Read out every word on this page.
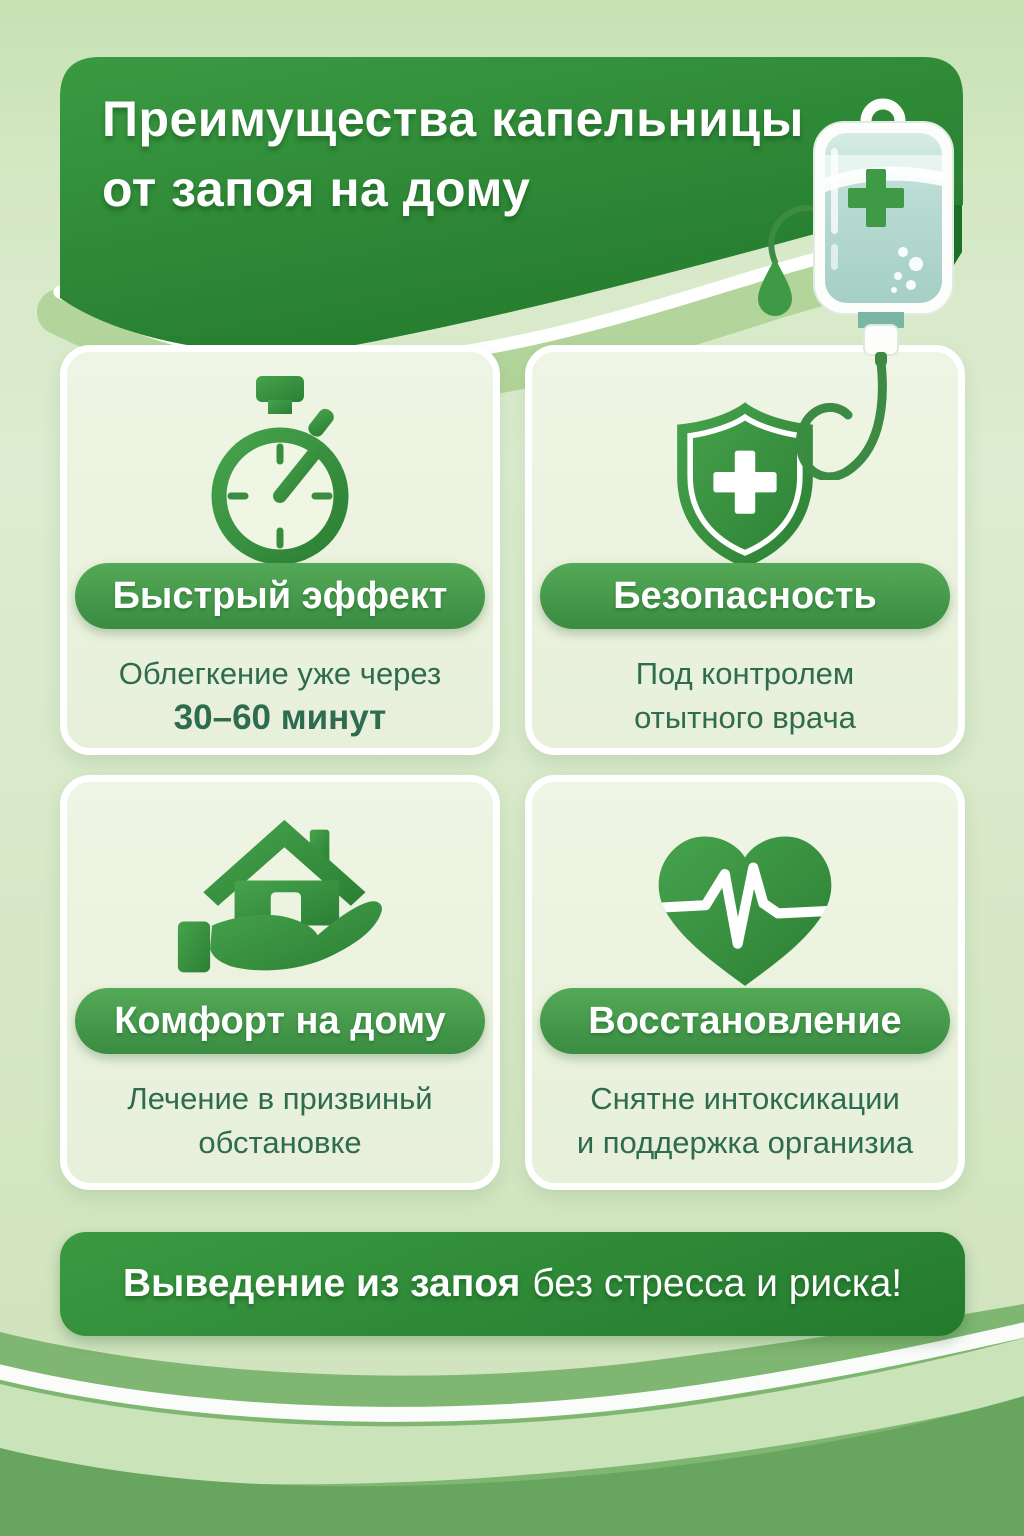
Преимущества капельницы
от запоя на дому
Быстрый эффект
Облегкение уже через
30–60 минут
Безопасность
Под контролем
отытного врача
Комфорт на дому
Лечение в призвиньй
обстановке
Восстановление
Снятне интоксикации
и поддержка организиа
Выведение из запоя без стресса и риска!
